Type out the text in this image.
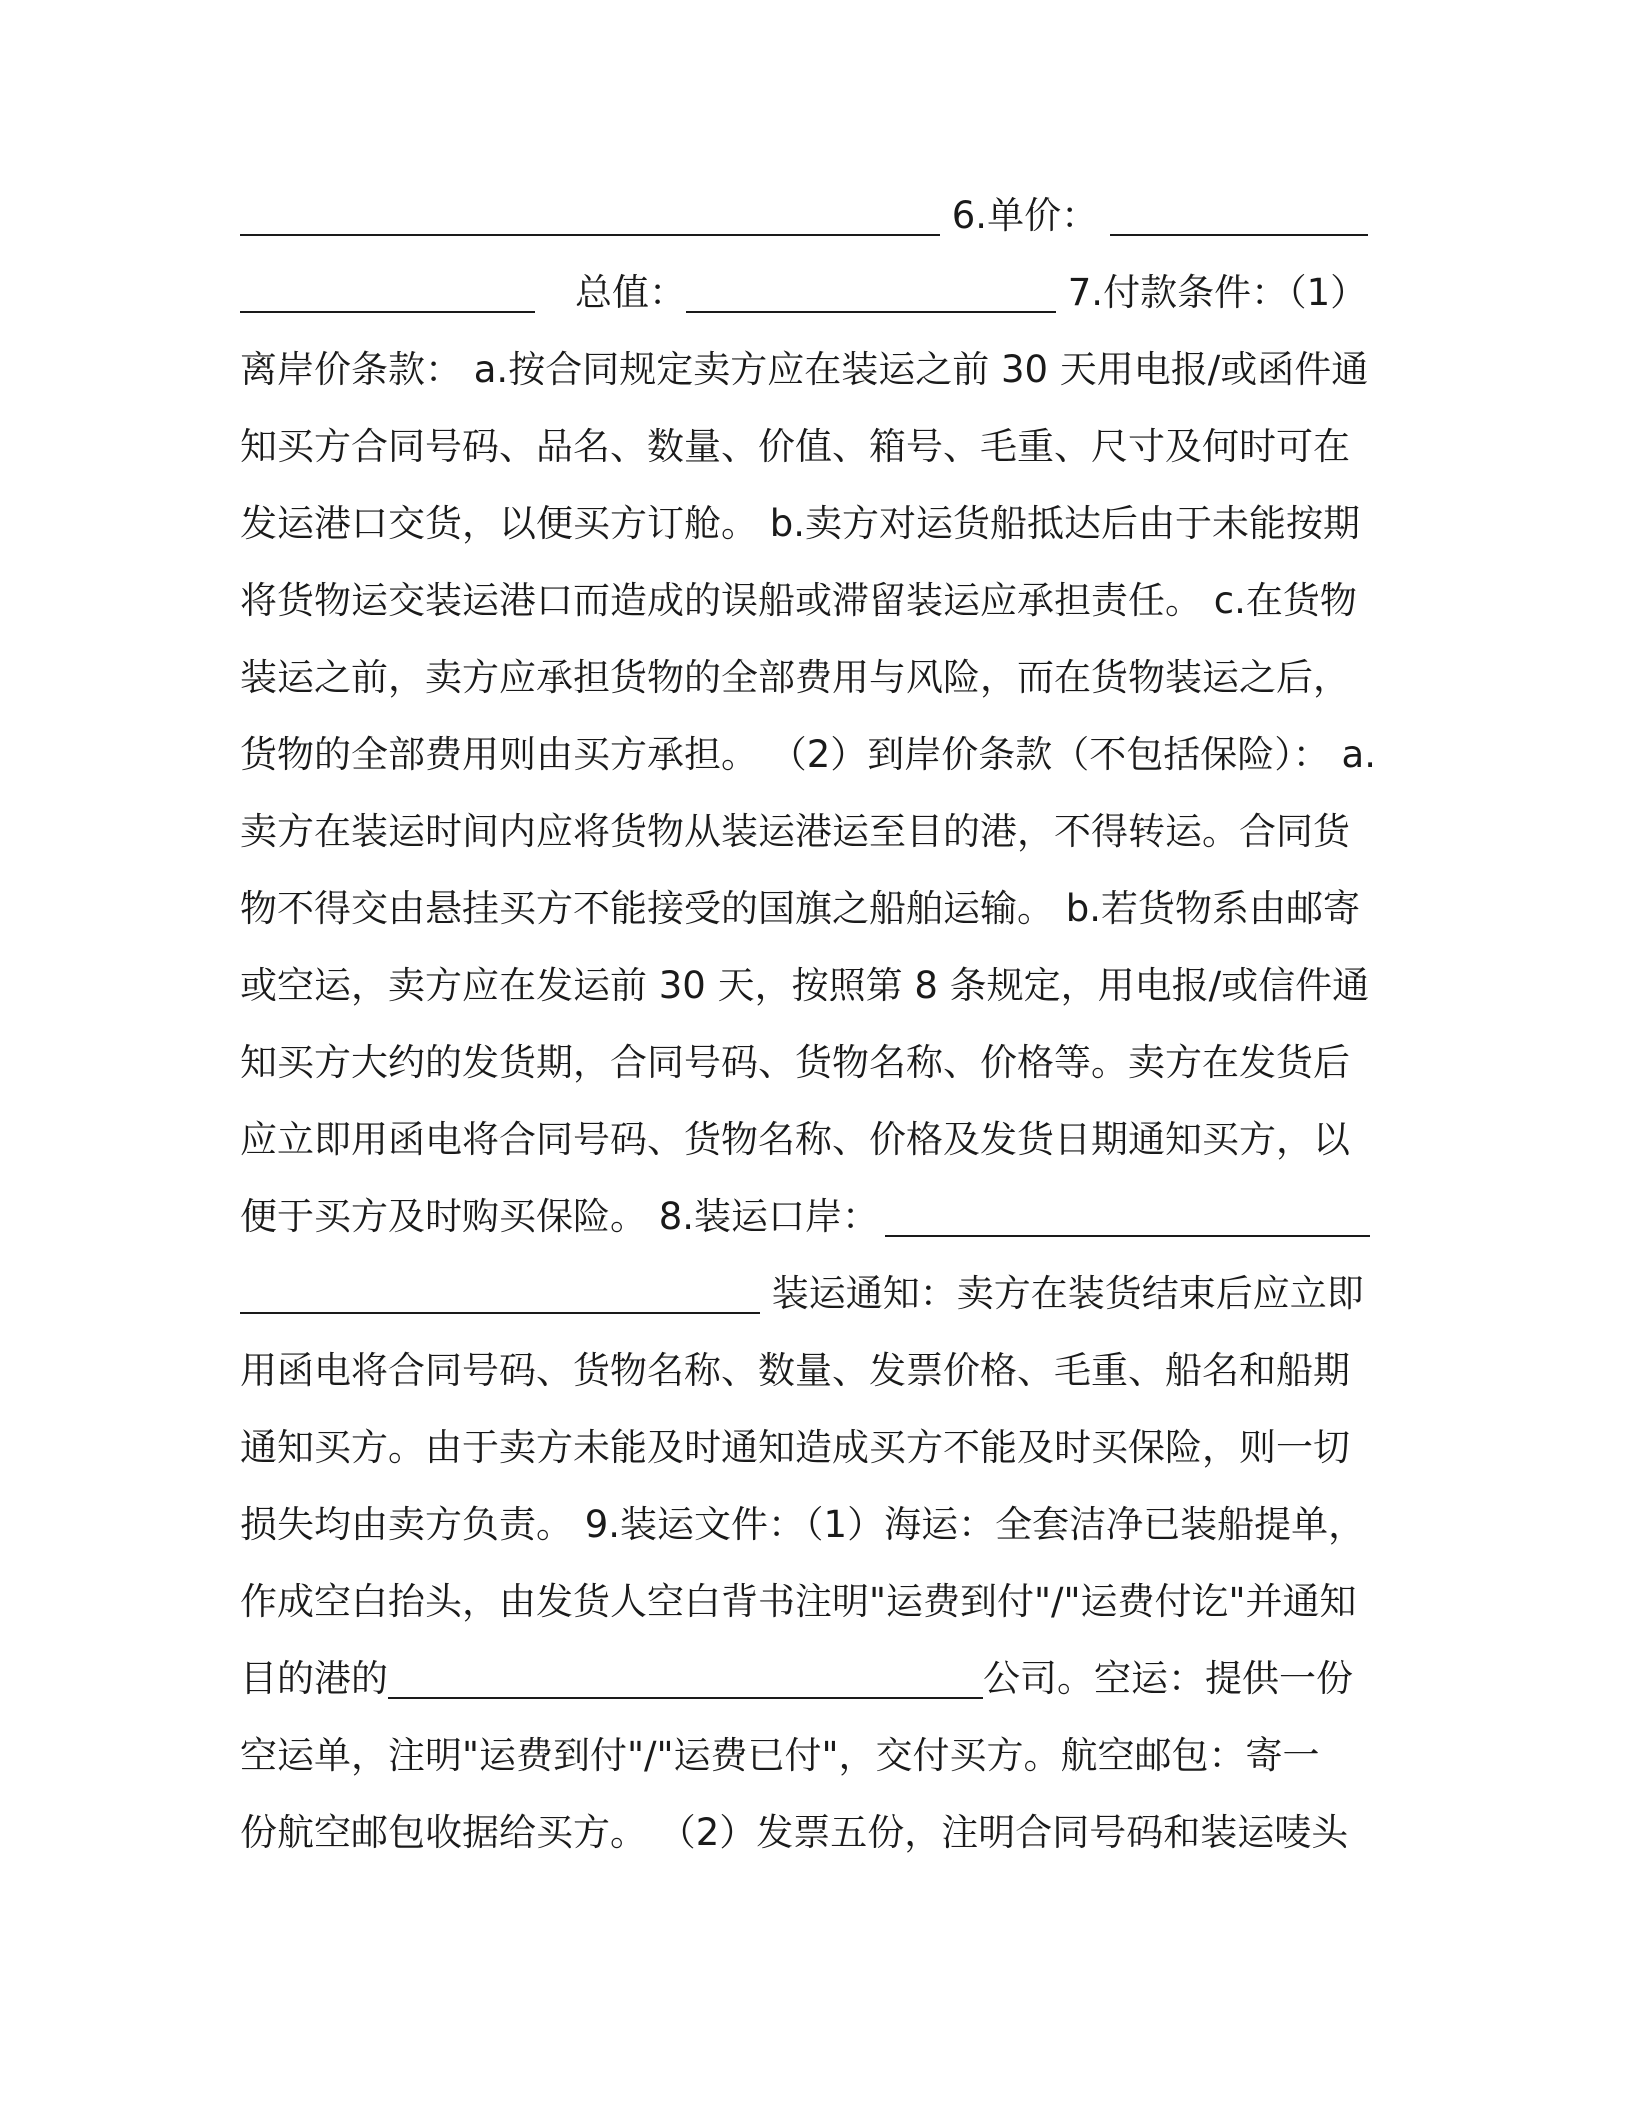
6.单价：
总值：	7.付款条件：（1）
离岸价条款： a.按合同规定卖方应在装运之前 30 天用电报/或函件通
知买方合同号码、品名、数量、价值、箱号、毛重、尺寸及何时可在
发运港口交货，以便买方订舱。 b.卖方对运货船抵达后由于未能按期
将货物运交装运港口而造成的误船或滞留装运应承担责任。 c.在货物
装运之前，卖方应承担货物的全部费用与风险，而在货物装运之后，
货物的全部费用则由买方承担。 （2）到岸价条款（不包括保险）： a.
卖方在装运时间内应将货物从装运港运至目的港，不得转运。合同货
物不得交由悬挂买方不能接受的国旗之船舶运输。 b.若货物系由邮寄
或空运，卖方应在发运前 30 天，按照第 8 条规定，用电报/或信件通
知买方大约的发货期，合同号码、货物名称、价格等。卖方在发货后
应立即用函电将合同号码、货物名称、价格及发货日期通知买方，以
便于买方及时购买保险。 8.装运口岸：
装运通知：卖方在装货结束后应立即
用函电将合同号码、货物名称、数量、发票价格、毛重、船名和船期
通知买方。由于卖方未能及时通知造成买方不能及时买保险，则一切
损失均由卖方负责。 9.装运文件：（1）海运：全套洁净已装船提单，
作成空白抬头，由发货人空白背书注明"运费到付"/"运费付讫"并通知
目的港的	公司。空运：提供一份
空运单，注明"运费到付"/"运费已付"，交付买方。航空邮包：寄一
份航空邮包收据给买方。 （2）发票五份，注明合同号码和装运唛头
